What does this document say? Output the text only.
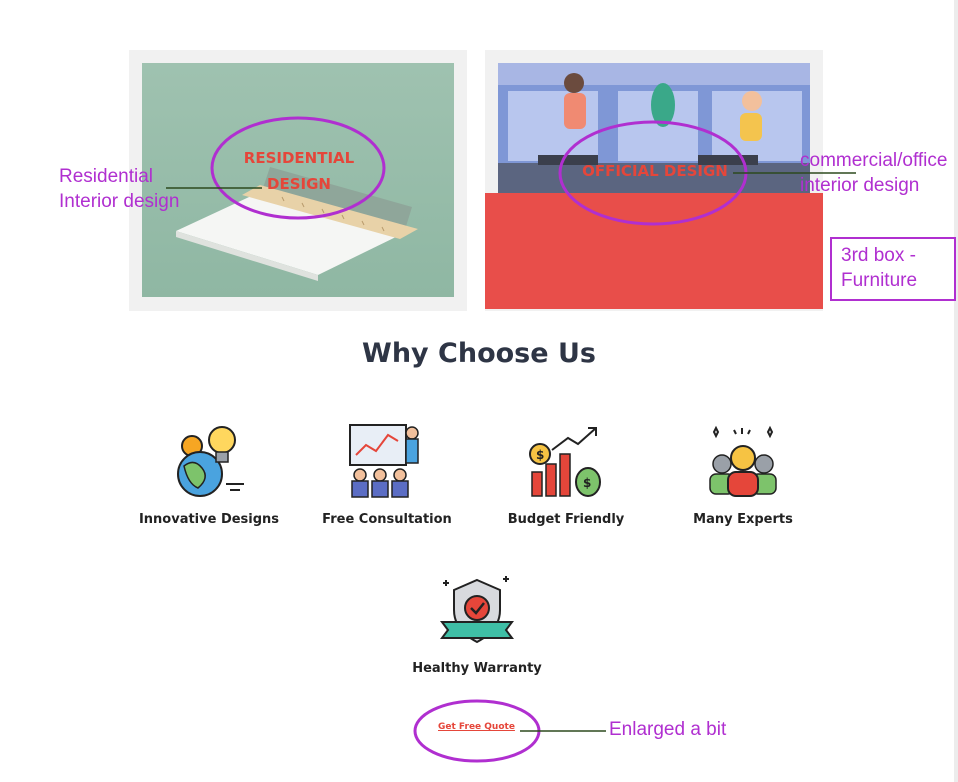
RESIDENTIAL
DESIGN
OFFICIAL DESIGN
Residential
Interior design
commercial/office
interior design
3rd box -
Furniture
Enlarged a bit
Why Choose Us
Innovative Designs	Free Consultation
$
$
Budget Friendly	Many Experts
Healthy Warranty
Get Free Quote
